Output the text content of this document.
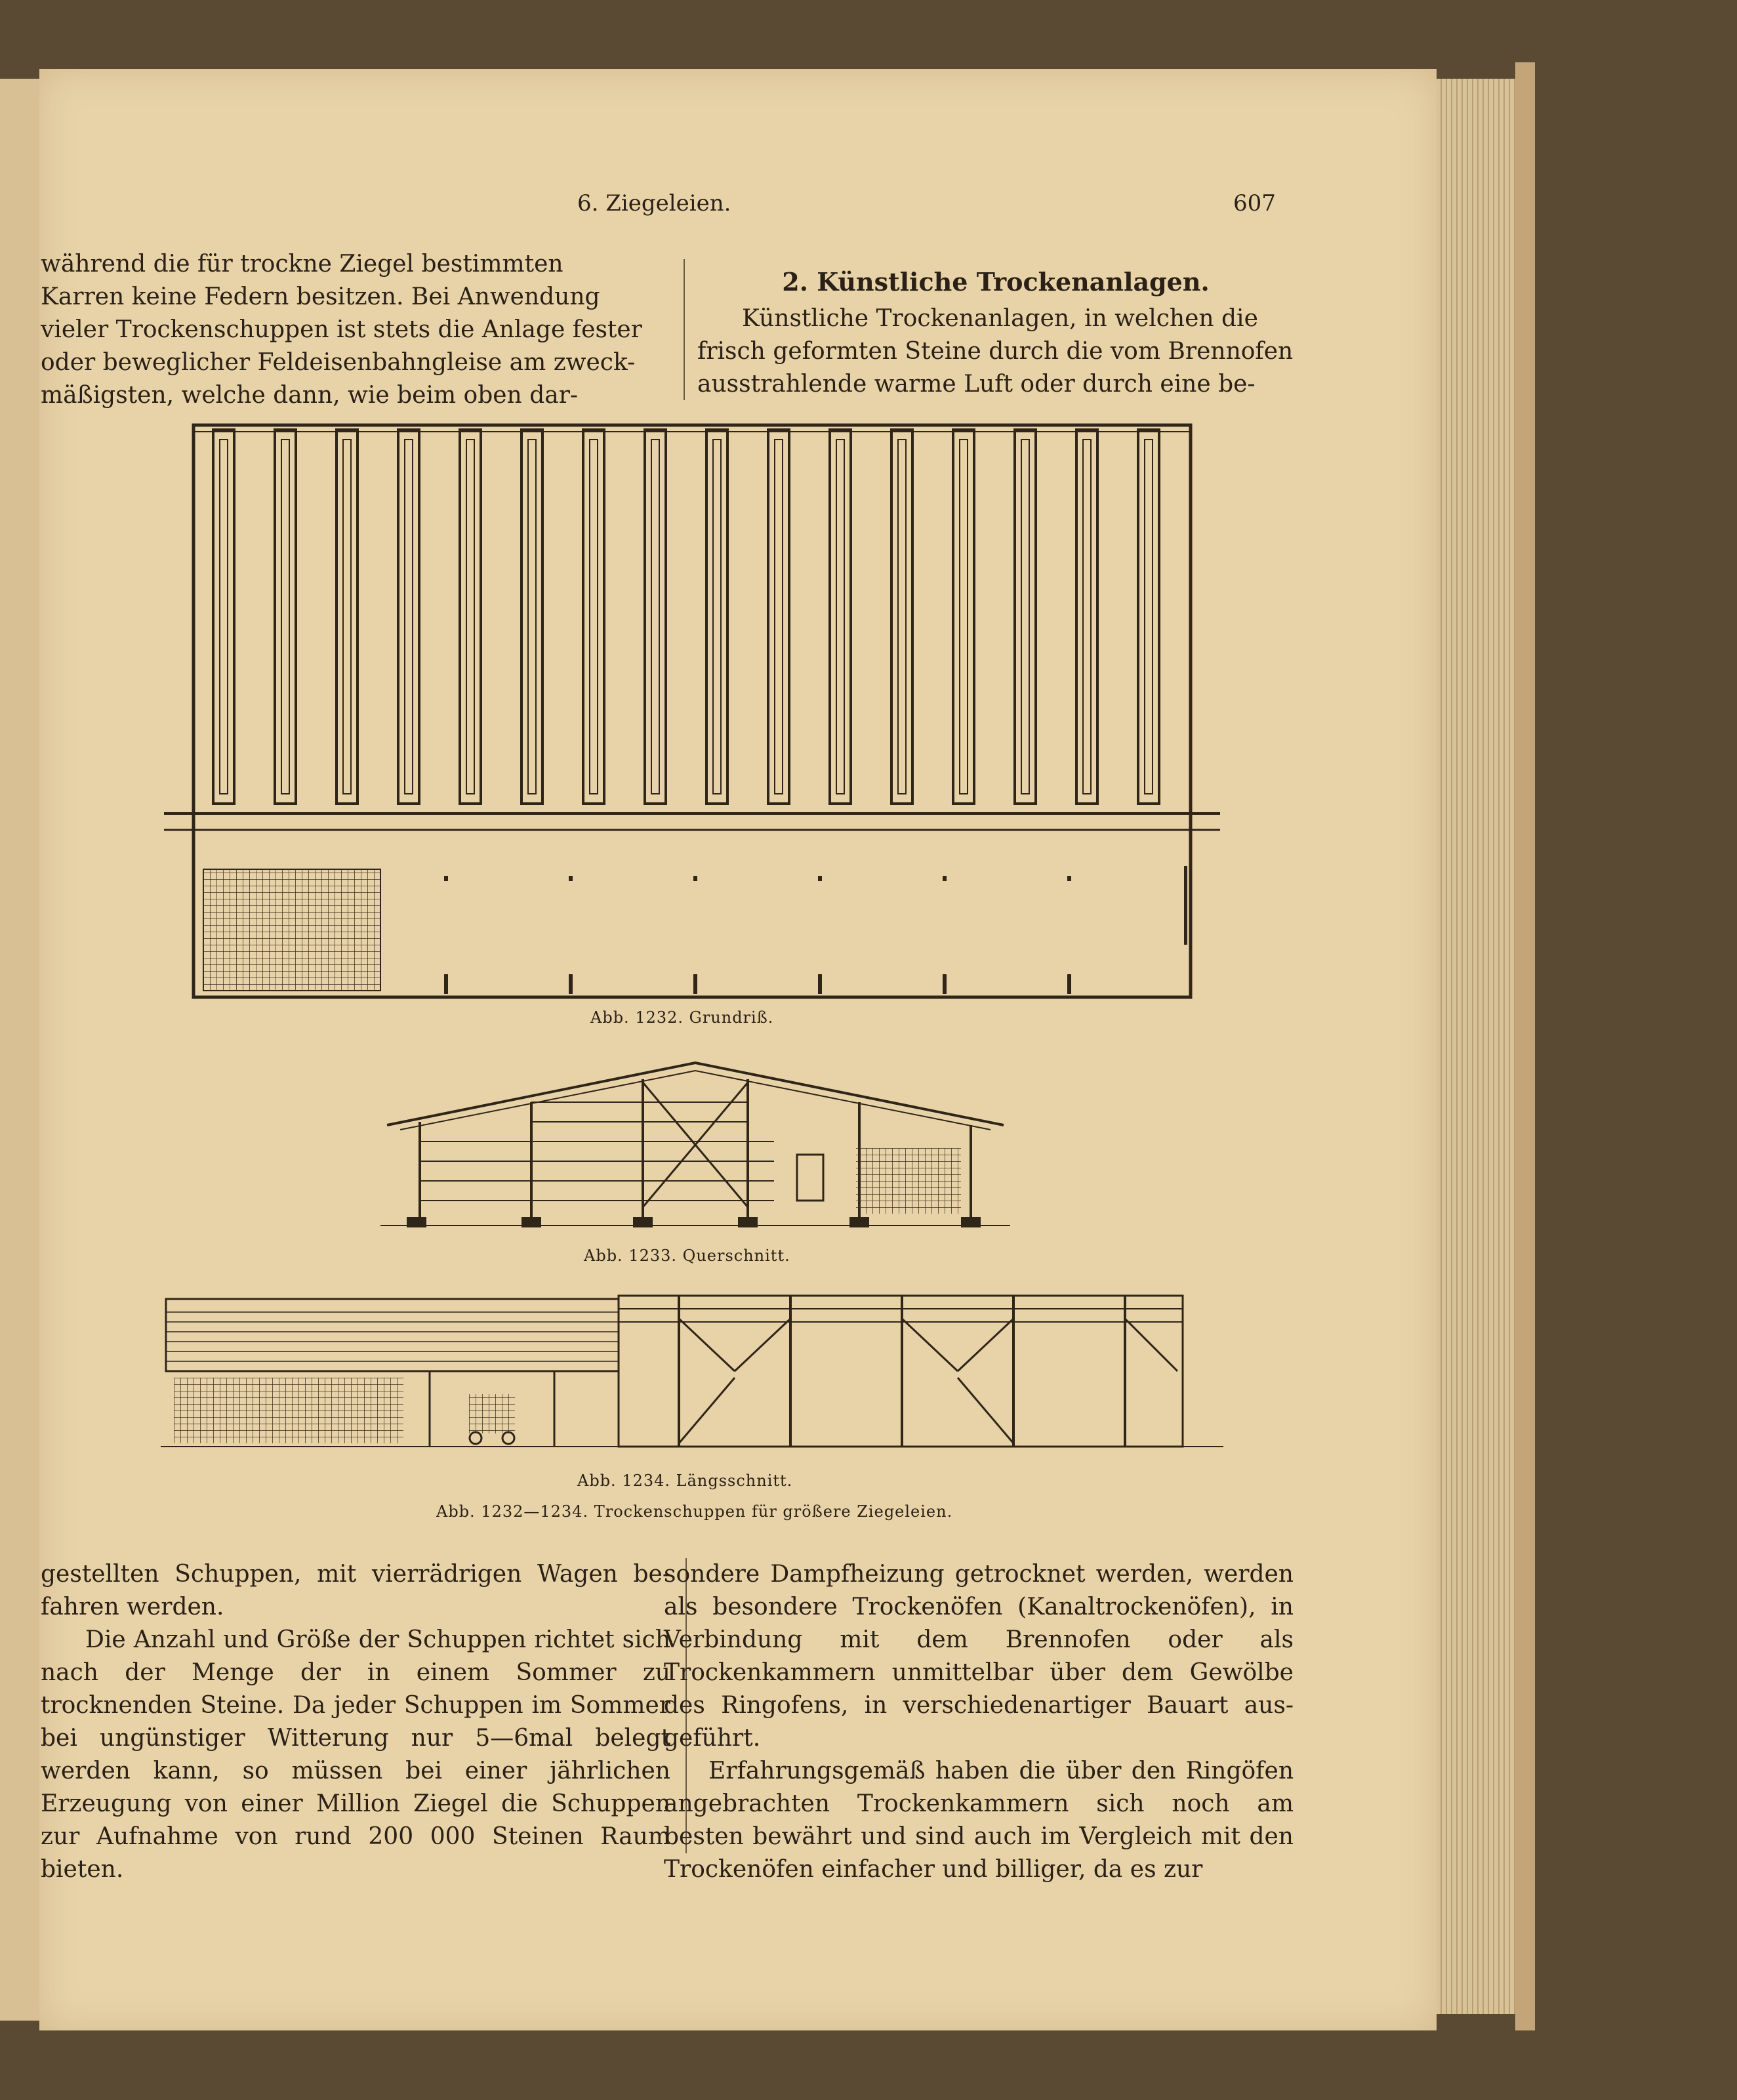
6. Ziegeleien.	607

während die für trockne Ziegel bestimmten

Karren keine Federn besitzen. Bei Anwendung

vieler Trockenschuppen ist stets die Anlage fester

oder beweglicher Feldeisenbahngleise am zweck-

mäßigsten, welche dann, wie beim oben dar-

2. Künstliche Trockenanlagen.

Künstliche Trockenanlagen, in welchen die

frisch geformten Steine durch die vom Brennofen

ausstrahlende warme Luft oder durch eine be-

Abb. 1232. Grundriß.
Abb. 1233. Querschnitt.
Abb. 1234. Längsschnitt.
Abb. 1232—1234. Trockenschuppen für größere Ziegeleien.

gestellten Schuppen, mit vierrädrigen Wagen be-fahren werden.

Die Anzahl und Größe der Schuppen richtet sich nach der Menge der in einem Sommer zu trocknenden Steine. Da jeder Schuppen im Sommer bei ungünstiger Witterung nur 5—6mal belegt werden kann, so müssen bei einer jährlichen Erzeugung von einer Million Ziegel die Schuppen zur Aufnahme von rund 200 000 Steinen Raum bieten.

sondere Dampfheizung getrocknet werden, werden als besondere Trockenöfen (Kanaltrockenöfen), in Verbindung mit dem Brennofen oder als Trockenkammern unmittelbar über dem Gewölbe des Ringofens, in verschiedenartiger Bauart aus-geführt.

Erfahrungsgemäß haben die über den Ringöfen angebrachten Trockenkammern sich noch am besten bewährt und sind auch im Vergleich mit den Trockenöfen einfacher und billiger, da es zur
